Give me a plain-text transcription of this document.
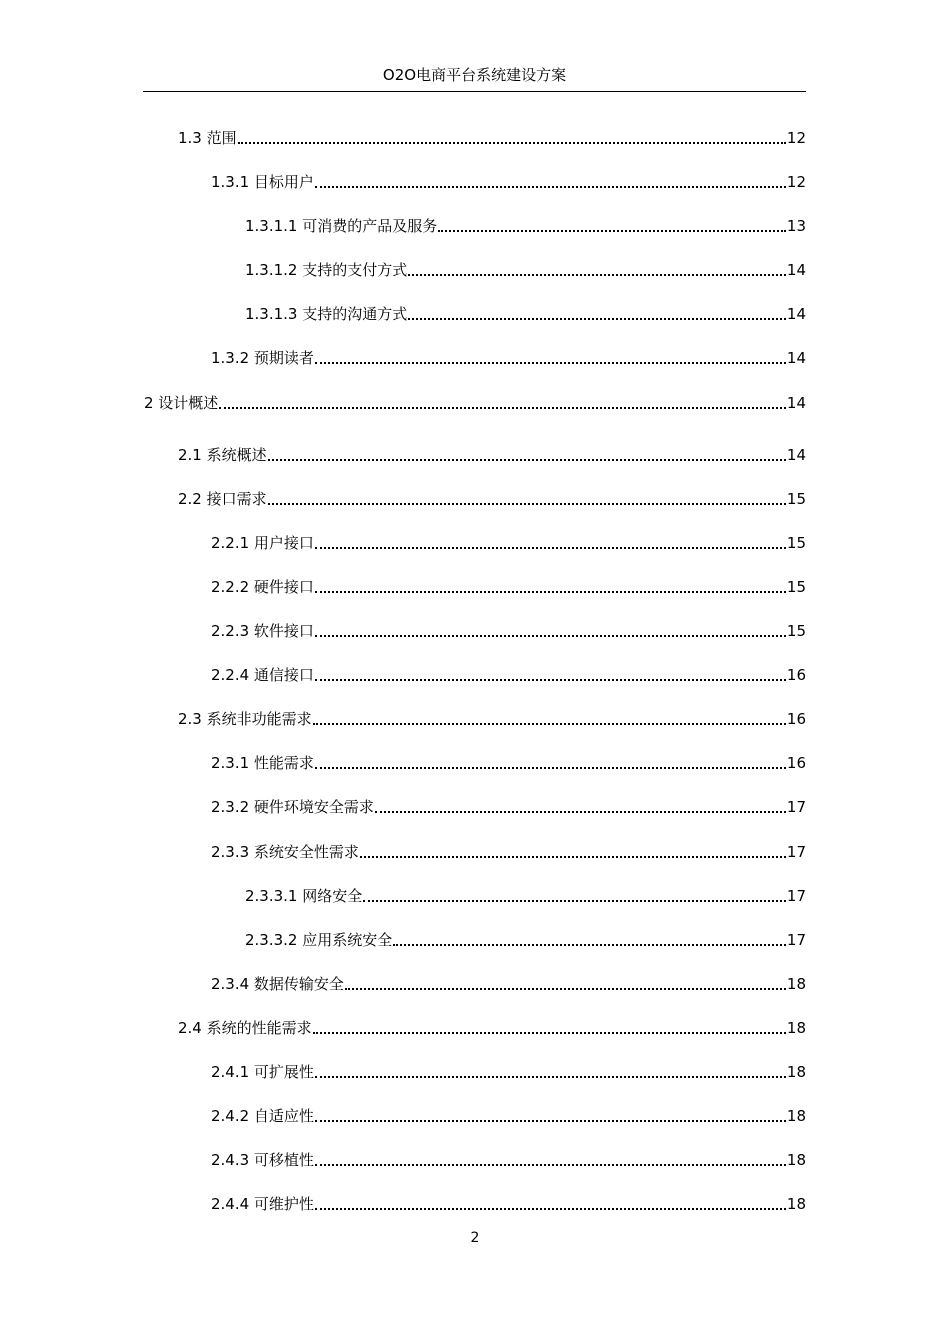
O2O电商平台系统建设方案
1.3 范围	12
1.3.1 目标用户	12
1.3.1.1 可消费的产品及服务	13
1.3.1.2 支持的支付方式	14
1.3.1.3 支持的沟通方式	14
1.3.2 预期读者	14
2 设计概述	14
2.1 系统概述	14
2.2 接口需求	15
2.2.1 用户接口	15
2.2.2 硬件接口	15
2.2.3 软件接口	15
2.2.4 通信接口	16
2.3 系统非功能需求	16
2.3.1 性能需求	16
2.3.2 硬件环境安全需求	17
2.3.3 系统安全性需求	17
2.3.3.1 网络安全	17
2.3.3.2 应用系统安全	17
2.3.4 数据传输安全	18
2.4 系统的性能需求	18
2.4.1 可扩展性	18
2.4.2 自适应性	18
2.4.3 可移植性	18
2.4.4 可维护性	18
2
